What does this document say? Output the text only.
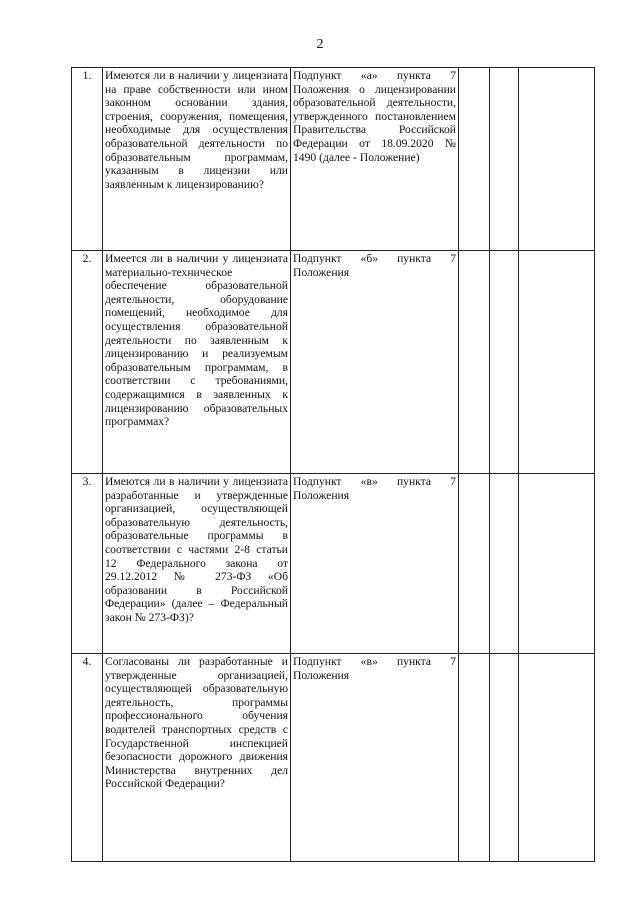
2
1.	Имеются ли в наличии у лицензиата на праве собственности или ином законном основании здания, строения, сооружения, помещения, необходимые для осуществления образовательной деятельности по образовательным программам, указанным в лицензии или заявленным к лицензированию?	Подпункт «а» пункта 7 Положения о лицензировании образовательной деятельности, утвержденного постановлением Правительства Российской Федерации от 18.09.2020 № 1490 (далее - Положение)			
2.	Имеется ли в наличии у лицензиата материально-техническое обеспечение образовательной деятельности, оборудование помещений, необходимое для осуществления образовательной деятельности по заявленным к лицензированию и реализуемым образовательным программам, в соответствии с требованиями, содержащимися в заявленных к лицензированию образовательных программах?	Подпункт «б» пункта 7 Положения			
3.	Имеются ли в наличии у лицензиата разработанные и утвержденные организацией, осуществляющей образовательную деятельность, образовательные программы в соответствии с частями 2-8 статьи 12 Федерального закона от 29.12.2012 № 273-ФЗ «Об образовании в Российской Федерации» (далее – Федеральный закон № 273-ФЗ)?	Подпункт «в» пункта 7 Положения			
4.	Согласованы ли разработанные и утвержденные организацией, осуществляющей образовательную деятельность, программы профессионального обучения водителей транспортных средств с Государственной инспекцией безопасности дорожного движения Министерства внутренних дел Российской Федерации?	Подпункт «в» пункта 7 Положения			
